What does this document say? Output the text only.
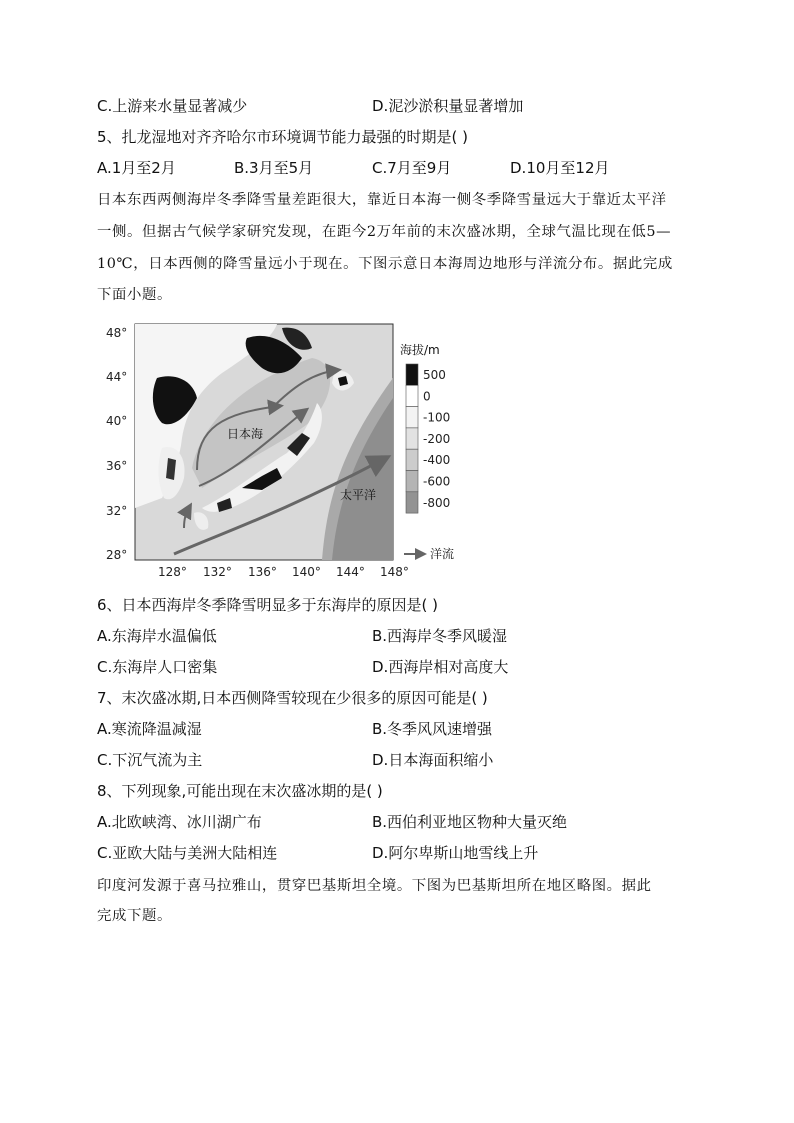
C.上游来水量显著减少	D.泥沙淤积量显著增加
5、扎龙湿地对齐齐哈尔市环境调节能力最强的时期是( )
A.1月至2月	B.3月至5月	C.7月至9月	D.10月至12月
日本东西两侧海岸冬季降雪量差距很大，靠近日本海一侧冬季降雪量远大于靠近太平洋
一侧。但据古气候学家研究发现，在距今2万年前的末次盛冰期，全球气温比现在低5—
10℃，日本西侧的降雪量远小于现在。下图示意日本海周边地形与洋流分布。据此完成
下面小题。
日本海
太平洋
48°
44°
40°
36°
32°
28°
128° 132° 136° 140° 144° 148°
海拔/m
500
0
-100
-200
-400
-600
-800
洋流
6、日本西海岸冬季降雪明显多于东海岸的原因是( )
A.东海岸水温偏低	B.西海岸冬季风暖湿
C.东海岸人口密集	D.西海岸相对高度大
7、末次盛冰期,日本西侧降雪较现在少很多的原因可能是( )
A.寒流降温减湿	B.冬季风风速增强
C.下沉气流为主	D.日本海面积缩小
8、下列现象,可能出现在末次盛冰期的是( )
A.北欧峡湾、冰川湖广布	B.西伯利亚地区物种大量灭绝
C.亚欧大陆与美洲大陆相连	D.阿尔卑斯山地雪线上升
印度河发源于喜马拉雅山，贯穿巴基斯坦全境。下图为巴基斯坦所在地区略图。据此
完成下题。
